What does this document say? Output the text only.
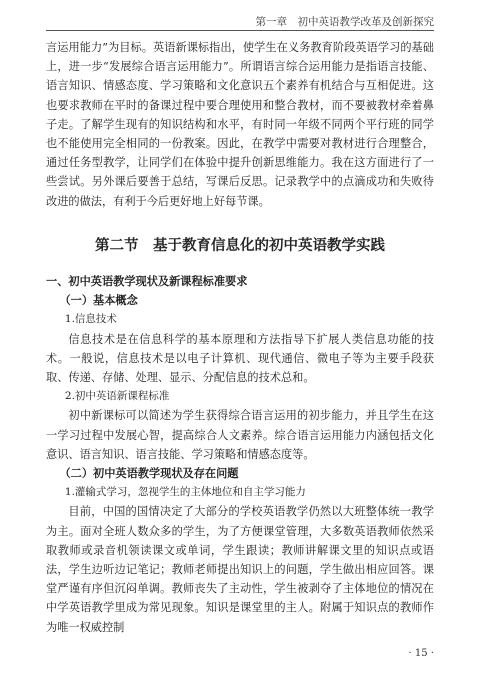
第一章　初中英语教学改革及创新探究

言运用能力”为目标。英语新课标指出，使学生在义务教育阶段英语学习的基础上，进一步“发展综合语言运用能力”。所谓语言综合运用能力是指语言技能、语言知识、情感态度、学习策略和文化意识五个素养有机结合与互相促进。这也要求教师在平时的备课过程中要合理使用和整合教材，而不要被教材牵着鼻子走。了解学生现有的知识结构和水平，有时同一年级不同两个平行班的同学也不能使用完全相同的一份教案。因此，在教学中需要对教材进行合理整合，通过任务型教学，让同学们在体验中提升创新思维能力。我在这方面进行了一些尝试。另外课后要善于总结，写课后反思。记录教学中的点滴成功和失败待改进的做法，有利于今后更好地上好每节课。

第二节　基于教育信息化的初中英语教学实践

一、初中英语教学现状及新课程标准要求

（一）基本概念

1.信息技术

信息技术是在信息科学的基本原理和方法指导下扩展人类信息功能的技术。一般说，信息技术是以电子计算机、现代通信、微电子等为主要手段获取、传递、存储、处理、显示、分配信息的技术总和。

2.初中英语新课程标准

初中新课标可以简述为学生获得综合语言运用的初步能力，并且学生在这一学习过程中发展心智，提高综合人文素养。综合语言运用能力内涵包括文化意识、语言知识、语言技能、学习策略和情感态度等。

（二）初中英语教学现状及存在问题

1.灌输式学习，忽视学生的主体地位和自主学习能力

目前，中国的国情决定了大部分的学校英语教学仍然以大班整体统一教学为主。面对全班人数众多的学生，为了方便课堂管理，大多数英语教师依然采取教师或录音机领读课文或单词，学生跟读；教师讲解课文里的知识点或语法，学生边听边记笔记；教师老师提出知识上的问题，学生做出相应回答。课堂严谨有序但沉闷单调。教师丧失了主动性，学生被剥夺了主体地位的情况在中学英语教学里成为常见现象。知识是课堂里的主人。附属于知识点的教师作为唯一权威控制

· 15 ·
